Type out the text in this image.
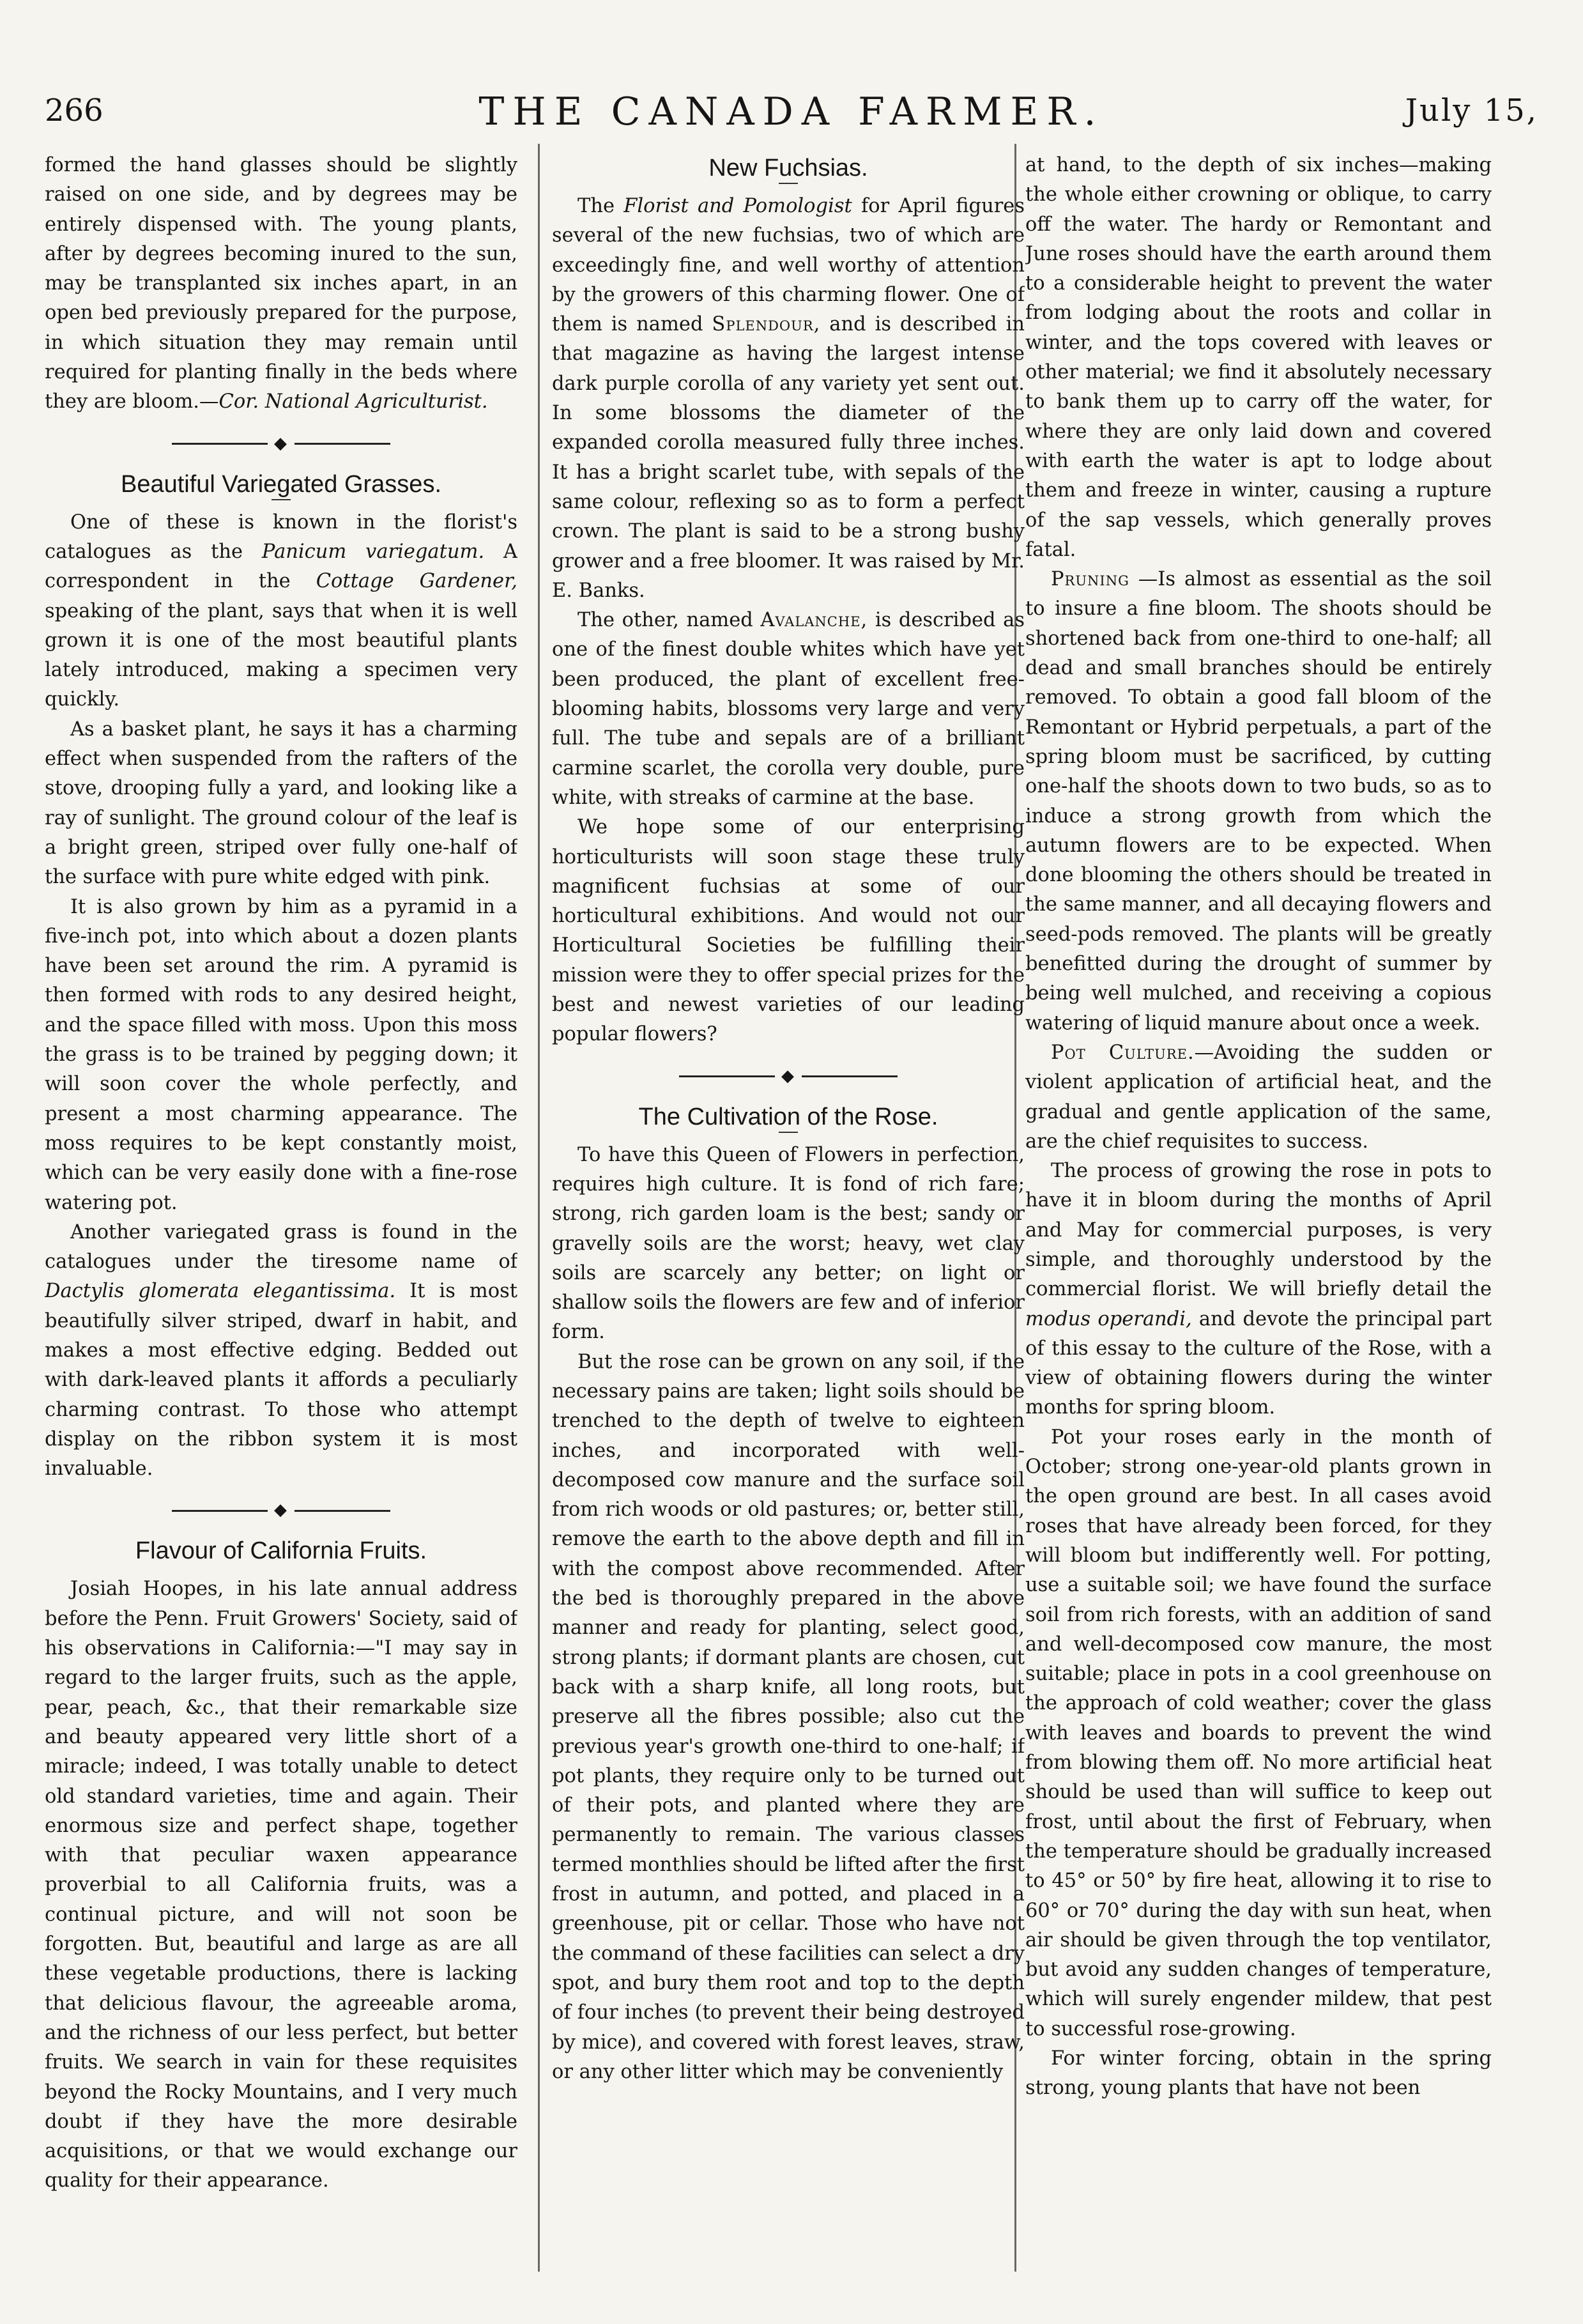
266	THE CANADA FARMER.	July 15,

formed the hand glasses should be slightly raised on one side, and by degrees may be entirely dispensed with. The young plants, after by degrees becoming inured to the sun, may be transplanted six inches apart, in an open bed previously prepared for the purpose, in which situation they may remain until required for planting finally in the beds where they are bloom.—Cor. National Agriculturist.

◆
Beautiful Variegated Grasses.

One of these is known in the florist's catalogues as the Panicum variegatum. A correspondent in the Cottage Gardener, speaking of the plant, says that when it is well grown it is one of the most beautiful plants lately introduced, making a specimen very quickly.

As a basket plant, he says it has a charming effect when suspended from the rafters of the stove, drooping fully a yard, and looking like a ray of sunlight. The ground colour of the leaf is a bright green, striped over fully one-half of the surface with pure white edged with pink.

It is also grown by him as a pyramid in a five-inch pot, into which about a dozen plants have been set around the rim. A pyramid is then formed with rods to any desired height, and the space filled with moss. Upon this moss the grass is to be trained by pegging down; it will soon cover the whole perfectly, and present a most charming appearance. The moss requires to be kept constantly moist, which can be very easily done with a fine-rose watering pot.

Another variegated grass is found in the catalogues under the tiresome name of Dactylis glomerata elegantissima. It is most beautifully silver striped, dwarf in habit, and makes a most effective edging. Bedded out with dark-leaved plants it affords a peculiarly charming contrast. To those who attempt display on the ribbon system it is most invaluable.

◆
Flavour of California Fruits.

Josiah Hoopes, in his late annual address before the Penn. Fruit Growers' Society, said of his observations in California:—"I may say in regard to the larger fruits, such as the apple, pear, peach, &c., that their remarkable size and beauty appeared very little short of a miracle; indeed, I was totally unable to detect old standard varieties, time and again. Their enormous size and perfect shape, together with that peculiar waxen appearance proverbial to all California fruits, was a continual picture, and will not soon be forgotten. But, beautiful and large as are all these vegetable productions, there is lacking that delicious flavour, the agreeable aroma, and the richness of our less perfect, but better fruits. We search in vain for these requisites beyond the Rocky Mountains, and I very much doubt if they have the more desirable acquisitions, or that we would exchange our quality for their appearance.

New Fuchsias.

The Florist and Pomologist for April figures several of the new fuchsias, two of which are exceedingly fine, and well worthy of attention by the growers of this charming flower. One of them is named Splendour, and is described in that magazine as having the largest intense dark purple corolla of any variety yet sent out. In some blossoms the diameter of the expanded corolla measured fully three inches. It has a bright scarlet tube, with sepals of the same colour, reflexing so as to form a perfect crown. The plant is said to be a strong bushy grower and a free bloomer. It was raised by Mr. E. Banks.

The other, named Avalanche, is described as one of the finest double whites which have yet been produced, the plant of excellent free-blooming habits, blossoms very large and very full. The tube and sepals are of a brilliant carmine scarlet, the corolla very double, pure white, with streaks of carmine at the base.

We hope some of our enterprising horticulturists will soon stage these truly magnificent fuchsias at some of our horticultural exhibitions. And would not our Horticultural Societies be fulfilling their mission were they to offer special prizes for the best and newest varieties of our leading popular flowers?

◆
The Cultivation of the Rose.

To have this Queen of Flowers in perfection, requires high culture. It is fond of rich fare; strong, rich garden loam is the best; sandy or gravelly soils are the worst; heavy, wet clay soils are scarcely any better; on light or shallow soils the flowers are few and of inferior form.

But the rose can be grown on any soil, if the necessary pains are taken; light soils should be trenched to the depth of twelve to eighteen inches, and incorporated with well-decomposed cow manure and the surface soil from rich woods or old pastures; or, better still, remove the earth to the above depth and fill in with the compost above recommended. After the bed is thoroughly prepared in the above manner and ready for planting, select good, strong plants; if dormant plants are chosen, cut back with a sharp knife, all long roots, but preserve all the fibres possible; also cut the previous year's growth one-third to one-half; if pot plants, they require only to be turned out of their pots, and planted where they are permanently to remain. The various classes termed monthlies should be lifted after the first frost in autumn, and potted, and placed in a greenhouse, pit or cellar. Those who have not the command of these facilities can select a dry spot, and bury them root and top to the depth of four inches (to prevent their being destroyed by mice), and covered with forest leaves, straw, or any other litter which may be conveniently

at hand, to the depth of six inches—making the whole either crowning or oblique, to carry off the water. The hardy or Remontant and June roses should have the earth around them to a considerable height to prevent the water from lodging about the roots and collar in winter, and the tops covered with leaves or other material; we find it absolutely necessary to bank them up to carry off the water, for where they are only laid down and covered with earth the water is apt to lodge about them and freeze in winter, causing a rupture of the sap vessels, which generally proves fatal.

Pruning —Is almost as essential as the soil to insure a fine bloom. The shoots should be shortened back from one-third to one-half; all dead and small branches should be entirely removed. To obtain a good fall bloom of the Remontant or Hybrid perpetuals, a part of the spring bloom must be sacrificed, by cutting one-half the shoots down to two buds, so as to induce a strong growth from which the autumn flowers are to be expected. When done blooming the others should be treated in the same manner, and all decaying flowers and seed-pods removed. The plants will be greatly benefitted during the drought of summer by being well mulched, and receiving a copious watering of liquid manure about once a week.

Pot Culture.—Avoiding the sudden or violent application of artificial heat, and the gradual and gentle application of the same, are the chief requisites to success.

The process of growing the rose in pots to have it in bloom during the months of April and May for commercial purposes, is very simple, and thoroughly understood by the commercial florist. We will briefly detail the modus operandi, and devote the principal part of this essay to the culture of the Rose, with a view of obtaining flowers during the winter months for spring bloom.

Pot your roses early in the month of October; strong one-year-old plants grown in the open ground are best. In all cases avoid roses that have already been forced, for they will bloom but indifferently well. For potting, use a suitable soil; we have found the surface soil from rich forests, with an addition of sand and well-decomposed cow manure, the most suitable; place in pots in a cool greenhouse on the approach of cold weather; cover the glass with leaves and boards to prevent the wind from blowing them off. No more artificial heat should be used than will suffice to keep out frost, until about the first of February, when the temperature should be gradually increased to 45° or 50° by fire heat, allowing it to rise to 60° or 70° during the day with sun heat, when air should be given through the top ventilator, but avoid any sudden changes of temperature, which will surely engender mildew, that pest to successful rose-growing.

For winter forcing, obtain in the spring strong, young plants that have not been
